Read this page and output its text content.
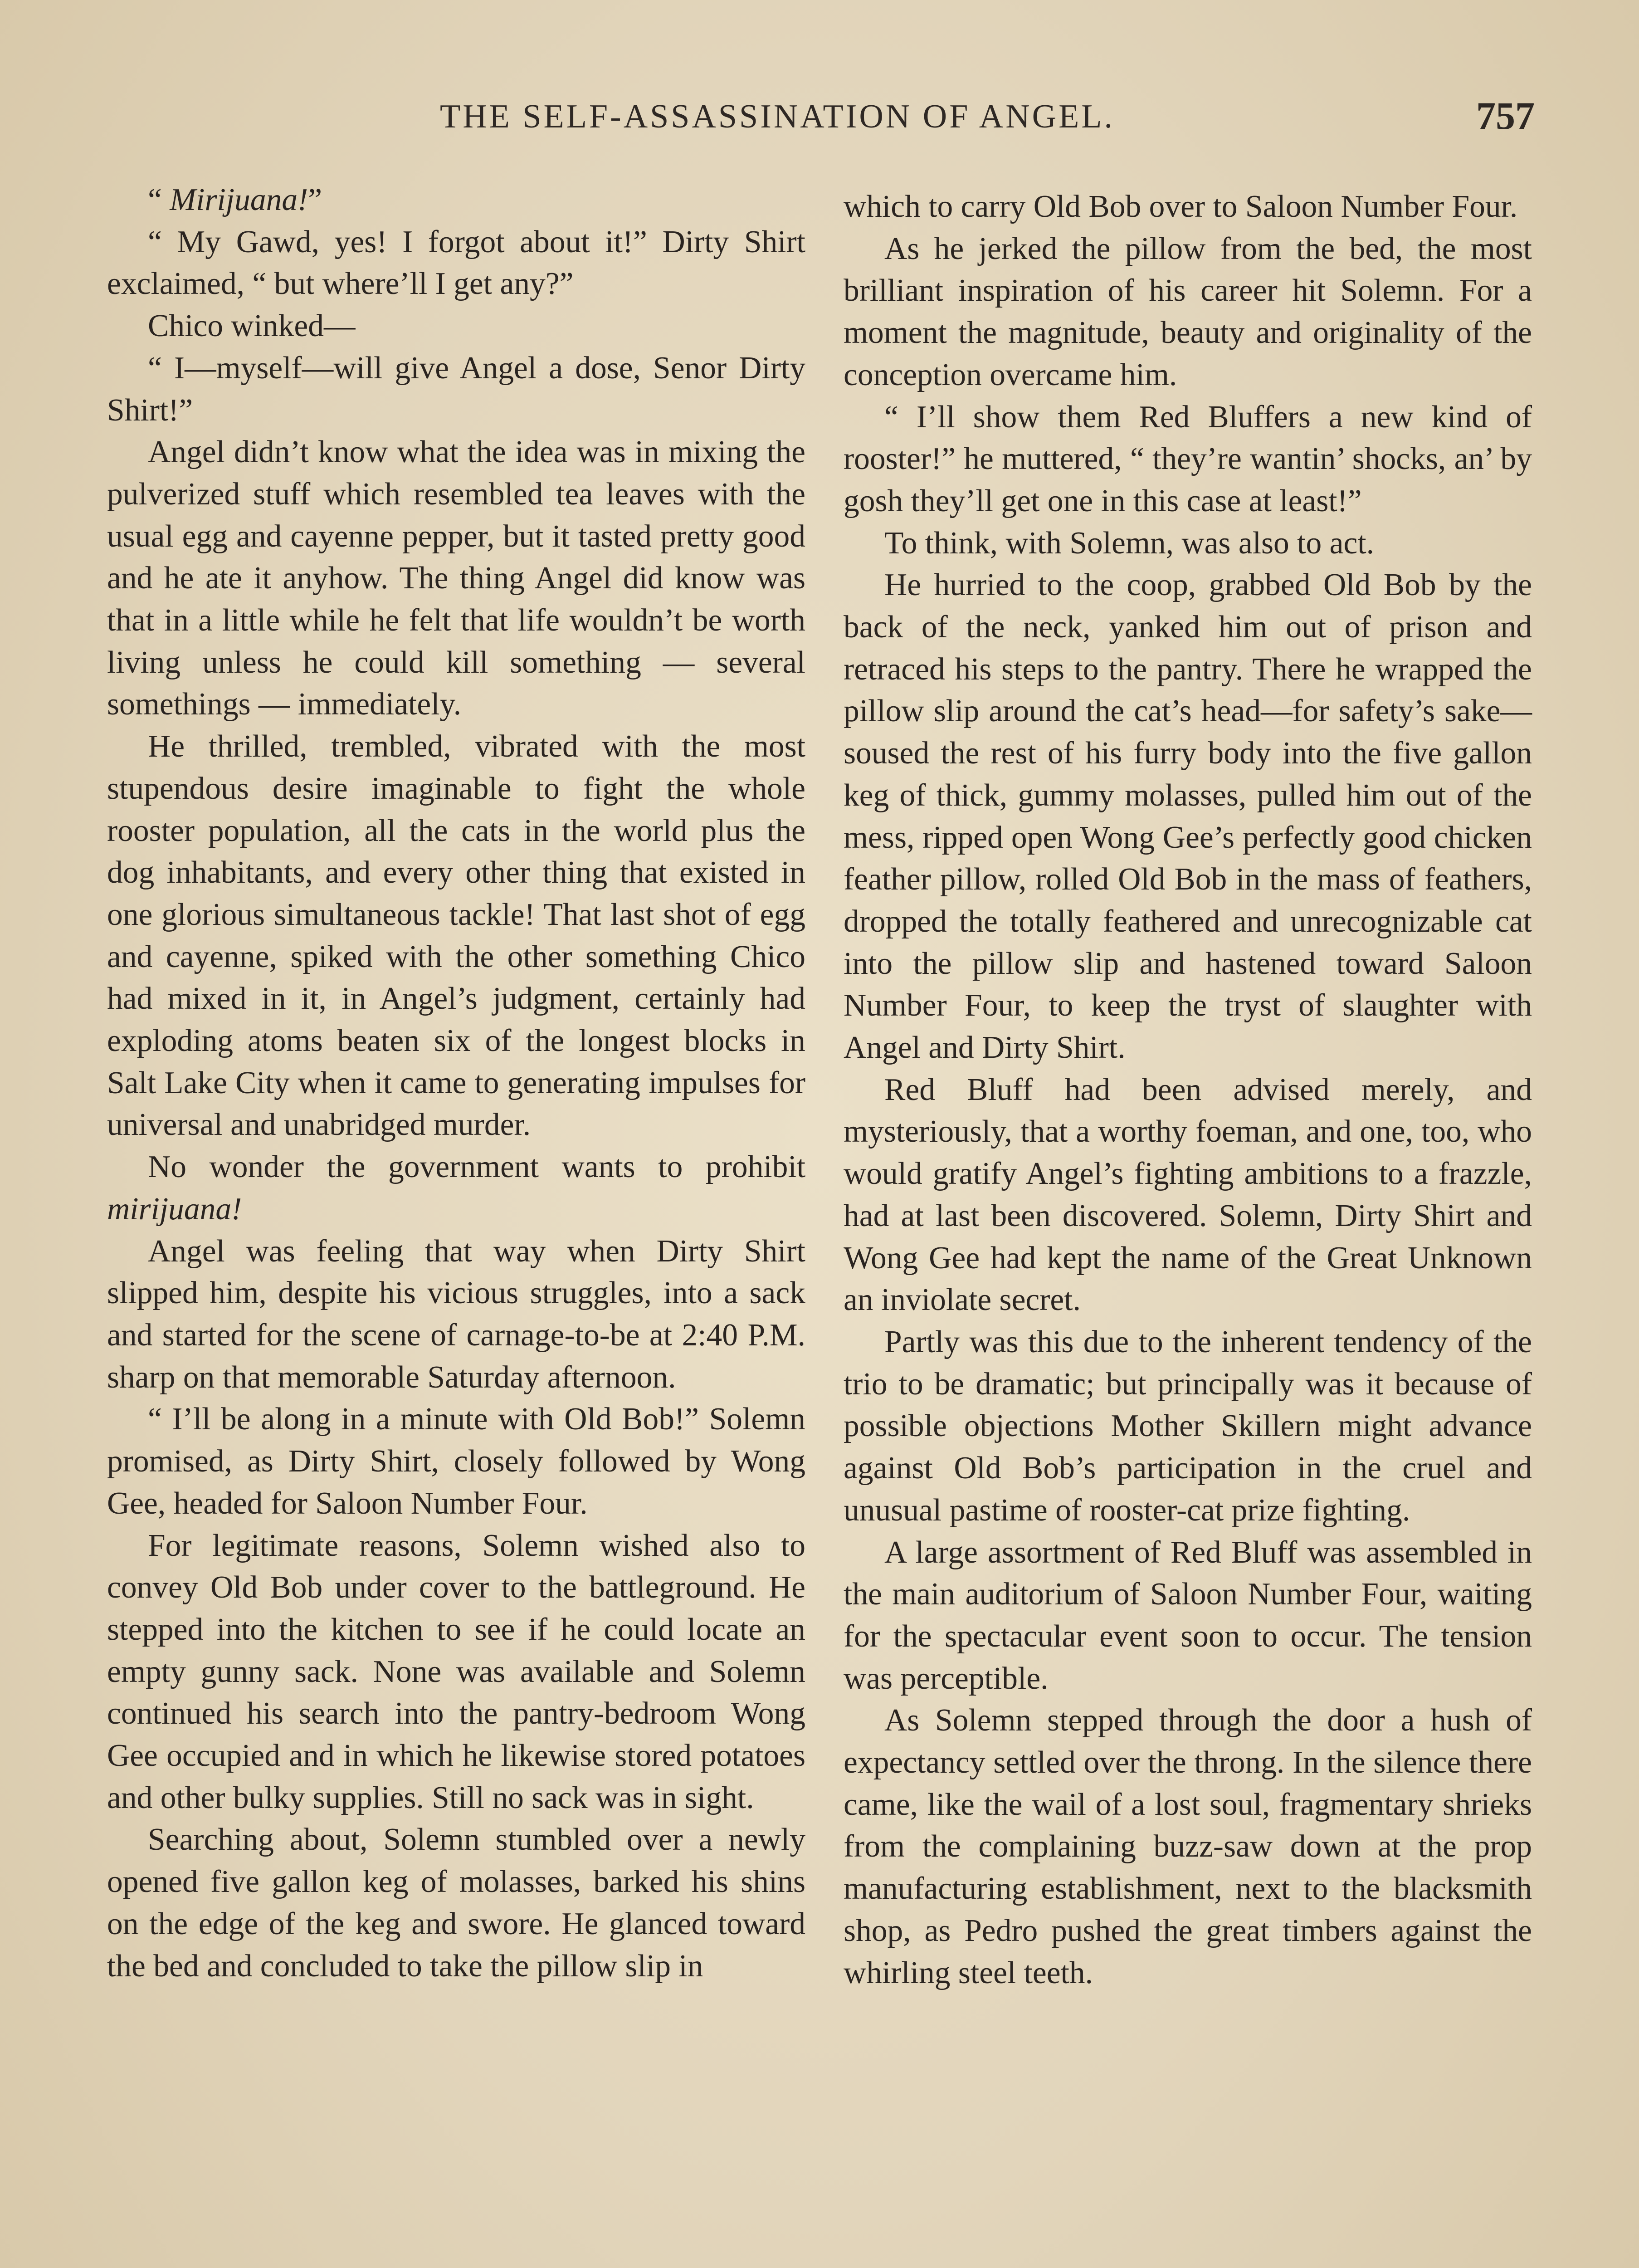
THE SELF-ASSASSINATION OF ANGEL.	757

“ Mirijuana!”

“ My Gawd, yes! I forgot about it!” Dirty Shirt exclaimed, “ but where’ll I get any?”

Chico winked—

“ I—myself—will give Angel a dose, Senor Dirty Shirt!”

Angel didn’t know what the idea was in mixing the pulverized stuff which resembled tea leaves with the usual egg and cayenne pepper, but it tasted pretty good and he ate it anyhow. The thing Angel did know was that in a little while he felt that life wouldn’t be worth living unless he could kill something — several somethings — immediately.

He thrilled, trembled, vibrated with the most stupendous desire imaginable to fight the whole rooster population, all the cats in the world plus the dog inhabitants, and every other thing that existed in one glorious simultaneous tackle! That last shot of egg and cayenne, spiked with the other something Chico had mixed in it, in Angel’s judgment, certainly had exploding atoms beaten six of the longest blocks in Salt Lake City when it came to generating impulses for universal and unabridged murder.

No wonder the government wants to prohibit mirijuana!

Angel was feeling that way when Dirty Shirt slipped him, despite his vicious struggles, into a sack and started for the scene of carnage-to-be at 2:40 P.M. sharp on that memorable Saturday afternoon.

“ I’ll be along in a minute with Old Bob!” Solemn promised, as Dirty Shirt, closely followed by Wong Gee, headed for Saloon Number Four.

For legitimate reasons, Solemn wished also to convey Old Bob under cover to the battleground. He stepped into the kitchen to see if he could locate an empty gunny sack. None was available and Solemn continued his search into the pantry-bedroom Wong Gee occupied and in which he likewise stored potatoes and other bulky supplies. Still no sack was in sight.

Searching about, Solemn stumbled over a newly opened five gallon keg of molasses, barked his shins on the edge of the keg and swore. He glanced toward the bed and concluded to take the pillow slip in

which to carry Old Bob over to Saloon Number Four.

As he jerked the pillow from the bed, the most brilliant inspiration of his career hit Solemn. For a moment the magnitude, beauty and originality of the conception overcame him.

“ I’ll show them Red Bluffers a new kind of rooster!” he muttered, “ they’re wantin’ shocks, an’ by gosh they’ll get one in this case at least!”

To think, with Solemn, was also to act.

He hurried to the coop, grabbed Old Bob by the back of the neck, yanked him out of prison and retraced his steps to the pantry. There he wrapped the pillow slip around the cat’s head—for safety’s sake—soused the rest of his furry body into the five gallon keg of thick, gummy molasses, pulled him out of the mess, ripped open Wong Gee’s perfectly good chicken feather pillow, rolled Old Bob in the mass of feathers, dropped the totally feathered and unrecognizable cat into the pillow slip and hastened toward Saloon Number Four, to keep the tryst of slaughter with Angel and Dirty Shirt.

Red Bluff had been advised merely, and mysteriously, that a worthy foeman, and one, too, who would gratify Angel’s fighting ambitions to a frazzle, had at last been discovered. Solemn, Dirty Shirt and Wong Gee had kept the name of the Great Unknown an inviolate secret.

Partly was this due to the inherent tendency of the trio to be dramatic; but principally was it because of possible objections Mother Skillern might advance against Old Bob’s participation in the cruel and unusual pastime of rooster-cat prize fighting.

A large assortment of Red Bluff was assembled in the main auditorium of Saloon Number Four, waiting for the spectacular event soon to occur. The tension was perceptible.

As Solemn stepped through the door a hush of expectancy settled over the throng. In the silence there came, like the wail of a lost soul, fragmentary shrieks from the complaining buzz-saw down at the prop manufacturing establishment, next to the blacksmith shop, as Pedro pushed the great timbers against the whirling steel teeth.
